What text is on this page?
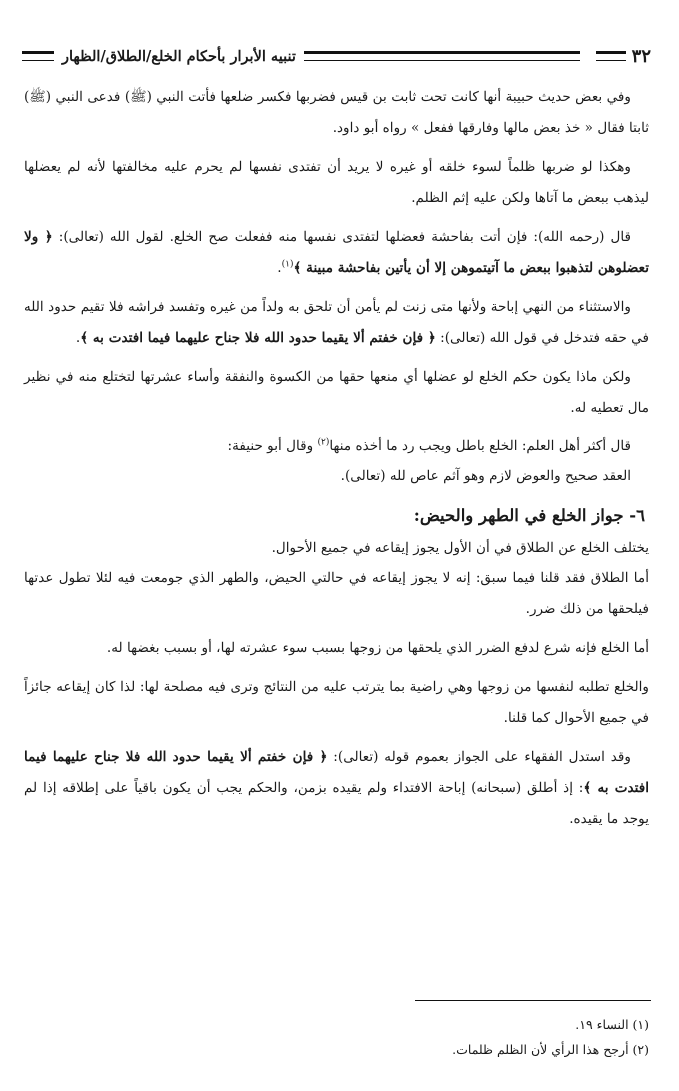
٣٢
تنبيه الأبرار بأحكام الخلع/الطلاق/الظهار

وفي بعض حديث حبيبة أنها كانت تحت ثابت بن قيس فضربها فكسر ضلعها فأتت النبي (ﷺ) فدعى النبي (ﷺ) ثابتا فقال « خذ بعض مالها وفارقها ففعل » رواه أبو داود.

وهكذا لو ضربها ظلماً لسوء خلقه أو غيره لا يريد أن تفتدى نفسها لم يحرم عليه مخالفتها لأنه لم يعضلها ليذهب ببعض ما آتاها ولكن عليه إثم الظلم.

قال (رحمه الله): فإن أتت بفاحشة فعضلها لتفتدى نفسها منه ففعلت صح الخلع. لقول الله (تعالى): ﴿ ولا تعضلوهن لتذهبوا ببعض ما آتيتموهن إلا أن يأتين بفاحشة مبينة ﴾$^{(١)}$.

والاستثناء من النهي إباحة ولأنها متى زنت لم يأمن أن تلحق به ولداً من غيره وتفسد فراشه فلا تقيم حدود الله في حقه فتدخل في قول الله (تعالى): ﴿ فإن خفتم ألا يقيما حدود الله فلا جناح عليهما فيما افتدت به ﴾.

ولكن ماذا يكون حكم الخلع لو عضلها أي منعها حقها من الكسوة والنفقة وأساء عشرتها لتختلع منه في نظير مال تعطيه له.

قال أكثر أهل العلم: الخلع باطل ويجب رد ما أخذه منها$^{(٢)}$ وقال أبو حنيفة:

العقد صحيح والعوض لازم وهو آثم عاص لله (تعالى).

٦- جواز الخلع في الطهر والحيض:

يختلف الخلع عن الطلاق في أن الأول يجوز إيقاعه في جميع الأحوال.

أما الطلاق فقد قلنا فيما سبق: إنه لا يجوز إيقاعه في حالتي الحيض، والطهر الذي جومعت فيه لئلا تطول عدتها فيلحقها من ذلك ضرر.

أما الخلع فإنه شرع لدفع الضرر الذي يلحقها من زوجها بسبب سوء عشرته لها، أو بسبب بغضها له.

والخلع تطلبه لنفسها من زوجها وهي راضية بما يترتب عليه من النتائج وترى فيه مصلحة لها: لذا كان إيقاعه جائزاً في جميع الأحوال كما قلنا.

وقد استدل الفقهاء على الجواز بعموم قوله (تعالى): ﴿ فإن خفتم ألا يقيما حدود الله فلا جناح عليهما فيما افتدت به ﴾: إذ أطلق (سبحانه) إباحة الافتداء ولم يقيده بزمن، والحكم يجب أن يكون باقياً على إطلاقه إذا لم يوجد ما يقيده.

(١) النساء ١٩.
(٢) أرجح هذا الرأي لأن الظلم ظلمات.
